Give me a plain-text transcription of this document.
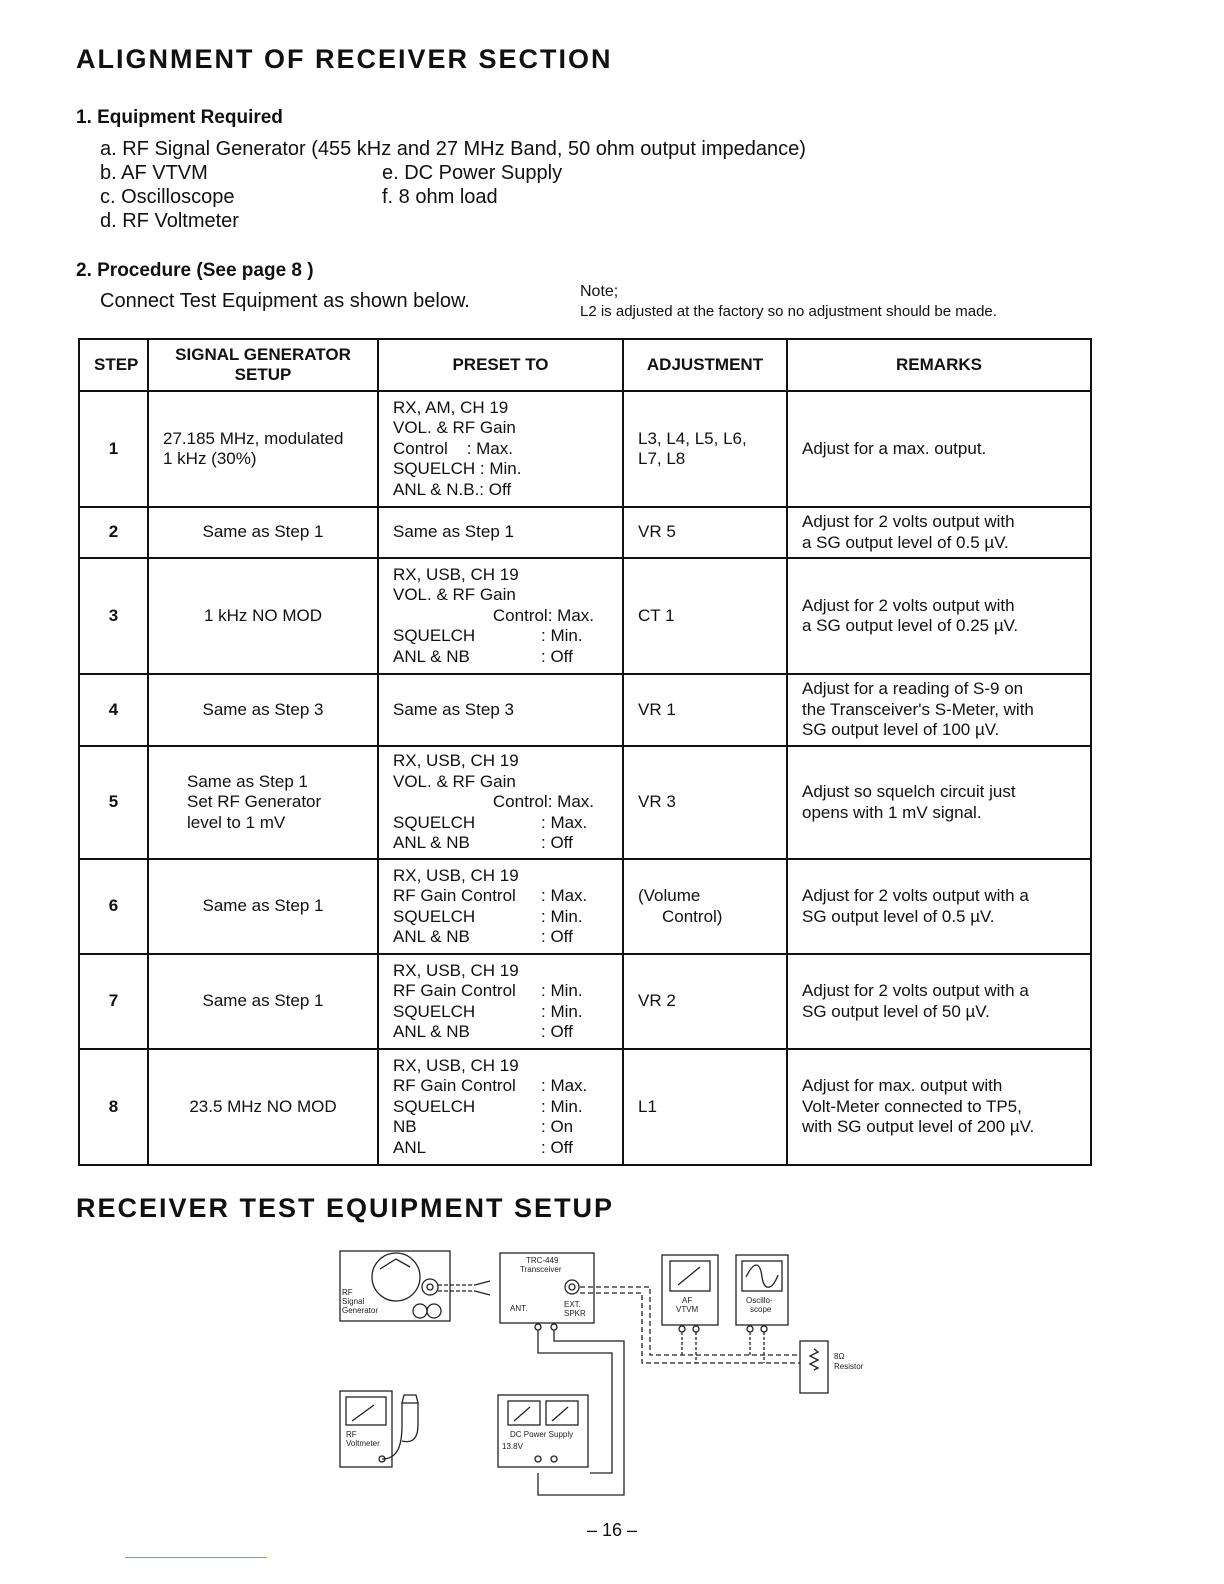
ALIGNMENT OF RECEIVER SECTION
1. Equipment Required
a. RF Signal Generator (455 kHz and 27 MHz Band, 50 ohm output impedance)
b. AF VTVM
c. Oscilloscope
d. RF Voltmeter
e. DC Power Supply
f. 8 ohm load
2. Procedure (See page 8 )
Connect Test Equipment as shown below.	Note;
L2 is adjusted at the factory so no adjustment should be made.
STEP	SIGNAL GENERATOR
SETUP	PRESET TO	ADJUSTMENT	REMARKS
1	27.185 MHz, modulated
1 kHz (30%)	RX, AM, CH 19
VOL. & RF Gain
Control    : Max.
SQUELCH : Min.
ANL & N.B.: Off	L3, L4, L5, L6,
L7, L8	Adjust for a max. output.

2	Same as Step 1	Same as Step 1	VR 5	Adjust for 2 volts output with
a SG output level of 0.5 µV.

3	1 kHz NO MOD	RX, USB, CH 19
VOL. & RF Gain
Control: Max.
SQUELCH : Min.
ANL & NB : Off	CT 1	Adjust for 2 volts output with
a SG output level of 0.25 µV.

4	Same as Step 3	Same as Step 3	VR 1	Adjust for a reading of S-9 on
the Transceiver's S-Meter, with
SG output level of 100 µV.

5	Same as Step 1
Set RF Generator
level to 1 mV	RX, USB, CH 19
VOL. & RF Gain
Control: Max.
SQUELCH : Max.
ANL & NB : Off	VR 3	Adjust so squelch circuit just
opens with 1 mV signal.

6	Same as Step 1	RX, USB, CH 19
RF Gain Control : Max.
SQUELCH : Min.
ANL & NB : Off	(Volume
Control)	Adjust for 2 volts output with a
SG output level of 0.5 µV.

7	Same as Step 1	RX, USB, CH 19
RF Gain Control : Min.
SQUELCH : Min.
ANL & NB : Off	VR 2	Adjust for 2 volts output with a
SG output level of 50 µV.

8	23.5 MHz NO MOD	RX, USB, CH 19
RF Gain Control : Max.
SQUELCH : Min.
NB : On
ANL : Off	L1	Adjust for max. output with
Volt-Meter connected to TP5,
with SG output level of 200 µV.
RECEIVER TEST EQUIPMENT SETUP
RF
Signal
Generator
TRC-449
Transceiver
ANT.	EXT.
SPKR
AF
VTVM
Oscillo-
scope
8Ω
Resistor
RF
Voltmeter
DC Power Supply
13.8V
– 16 –
